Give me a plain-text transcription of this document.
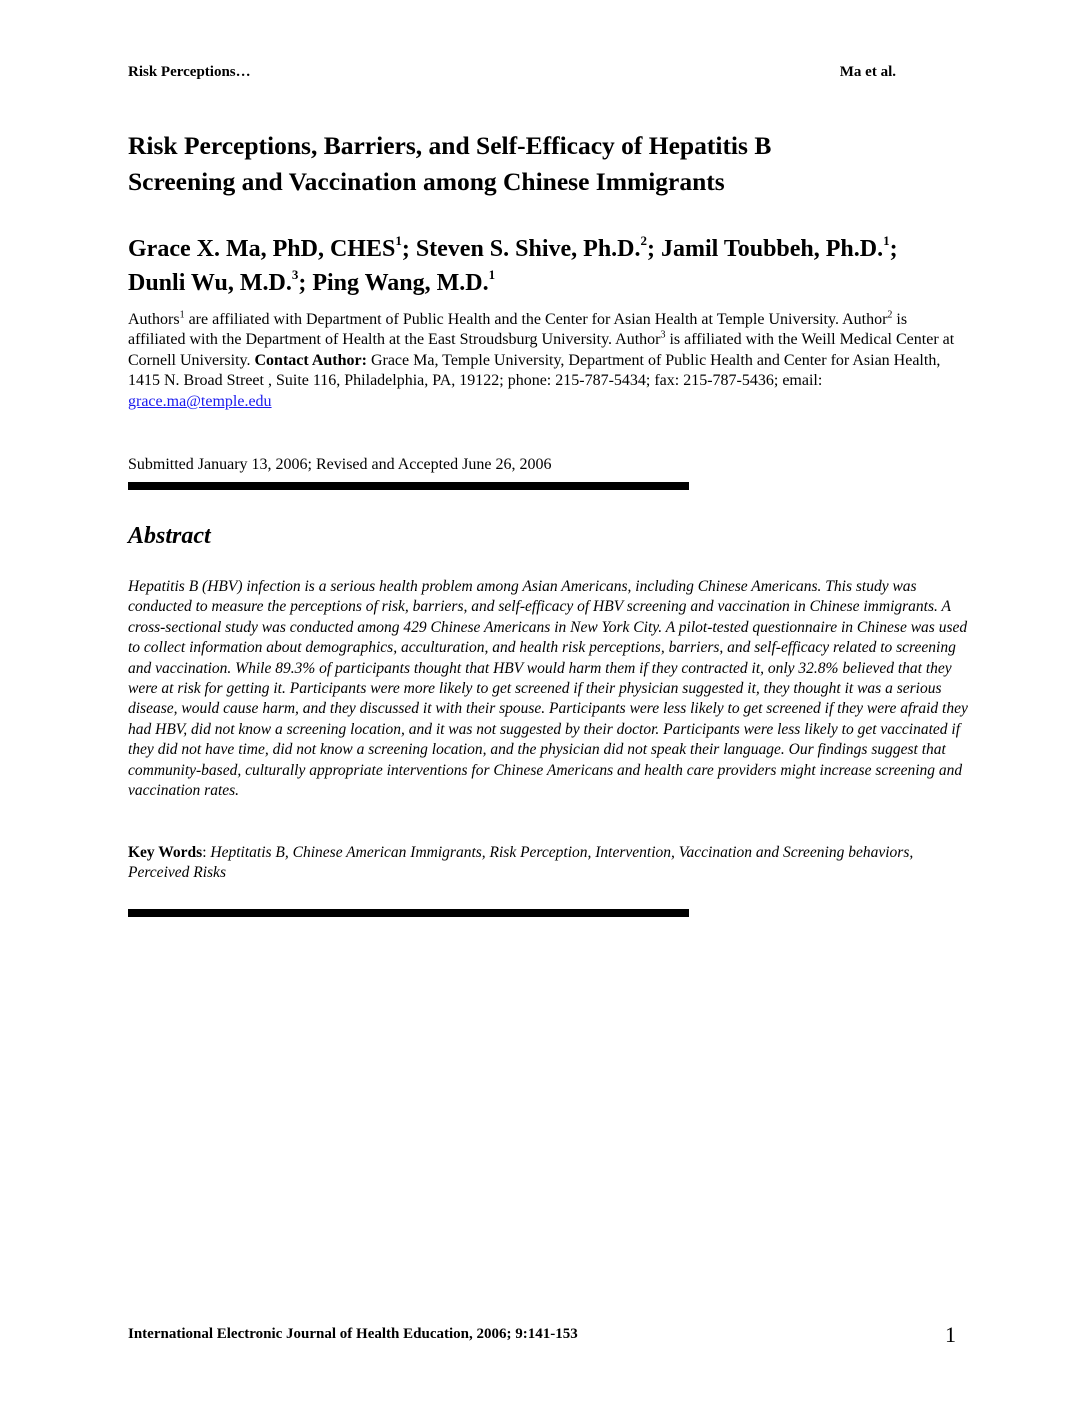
Risk Perceptions…	Ma et al.
Risk Perceptions, Barriers, and Self-Efficacy of Hepatitis B
Screening and Vaccination among Chinese Immigrants
Grace X. Ma, PhD, CHES$^1$; Steven S. Shive, Ph.D.$^2$; Jamil Toubbeh, Ph.D.$^1$;
Dunli Wu, M.D.$^3$; Ping Wang, M.D.$^1$
Authors$^1$ are affiliated with Department of Public Health and the Center for Asian Health at Temple University. Author$^2$ is affiliated with the Department of Health at the East Stroudsburg University. Author$^3$ is affiliated with the Weill Medical Center at Cornell University. Contact Author: Grace Ma, Temple University, Department of Public Health and Center for Asian Health, 1415 N. Broad Street , Suite 116, Philadelphia, PA, 19122; phone: 215-787-5434; fax: 215-787-5436; email: grace.ma@temple.edu
Submitted January 13, 2006; Revised and Accepted June 26, 2006
Abstract
Hepatitis B (HBV) infection is a serious health problem among Asian Americans, including Chinese Americans. This study was conducted to measure the perceptions of risk, barriers, and self-efficacy of HBV screening and vaccination in Chinese immigrants. A cross-sectional study was conducted among 429 Chinese Americans in New York City. A pilot-tested questionnaire in Chinese was used to collect information about demographics, acculturation, and health risk perceptions, barriers, and self-efficacy related to screening and vaccination. While 89.3% of participants thought that HBV would harm them if they contracted it, only 32.8% believed that they were at risk for getting it. Participants were more likely to get screened if their physician suggested it, they thought it was a serious disease, would cause harm, and they discussed it with their spouse. Participants were less likely to get screened if they were afraid they had HBV, did not know a screening location, and it was not suggested by their doctor. Participants were less likely to get vaccinated if they did not have time, did not know a screening location, and the physician did not speak their language. Our findings suggest that community-based, culturally appropriate interventions for Chinese Americans and health care providers might increase screening and vaccination rates.
Key Words: Heptitatis B, Chinese American Immigrants, Risk Perception, Intervention, Vaccination and Screening behaviors, Perceived Risks
International Electronic Journal of Health Education, 2006; 9:141-153	1
